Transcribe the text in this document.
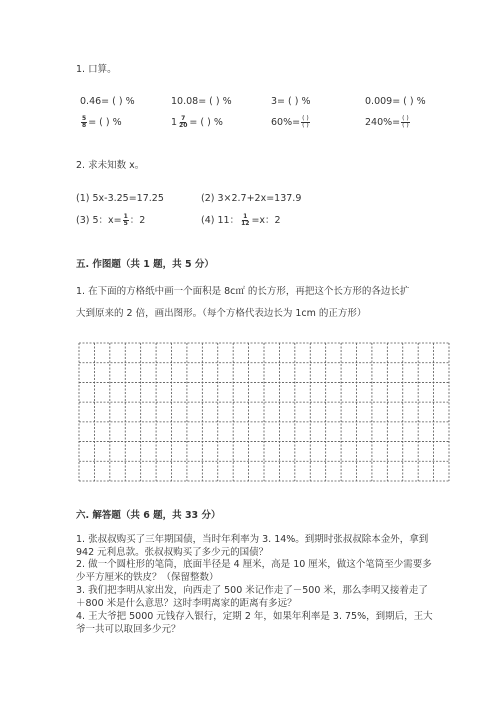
1. 口算。
0.46= ( ) %	10.08= ( ) %	3= ( ) %	0.009= ( ) %
$\frac{5}{8}$ = ( ) %	$1 \frac{7}{20}$ = ( ) %	$60\%= \frac{( )}{( )}$	$240\%= \frac{( )}{( )}$
2. 求未知数 x。
(1) 5x-3.25=17.25	(2) 3×2.7+2x=137.9
(3) 5：$x= \frac{1}{5}$ ：2	(4) 11： $\frac{1}{12} =x$：2
五. 作图题（共 1 题，共 5 分）
1. 在下面的方格纸中画一个面积是 8c㎡ 的长方形，再把这个长方形的各边长扩
大到原来的 2 倍，画出图形。（每个方格代表边长为 1cm 的正方形）
六. 解答题（共 6 题，共 33 分）
1. 张叔叔购买了三年期国债，当时年利率为 3. 14%。到期时张叔叔除本金外，拿到 942 元利息款。张叔叔购买了多少元的国债？
2. 做一个圆柱形的笔筒，底面半径是 4 厘米，高是 10 厘米，做这个笔筒至少需要多少平方厘米的铁皮？（保留整数）
3. 我们把李明从家出发，向西走了 500 米记作走了－500 米，那么李明又接着走了＋800 米是什么意思？这时李明离家的距离有多远？
4. 王大爷把 5000 元钱存入银行，定期 2 年，如果年利率是 3. 75%，到期后，王大爷一共可以取回多少元？
